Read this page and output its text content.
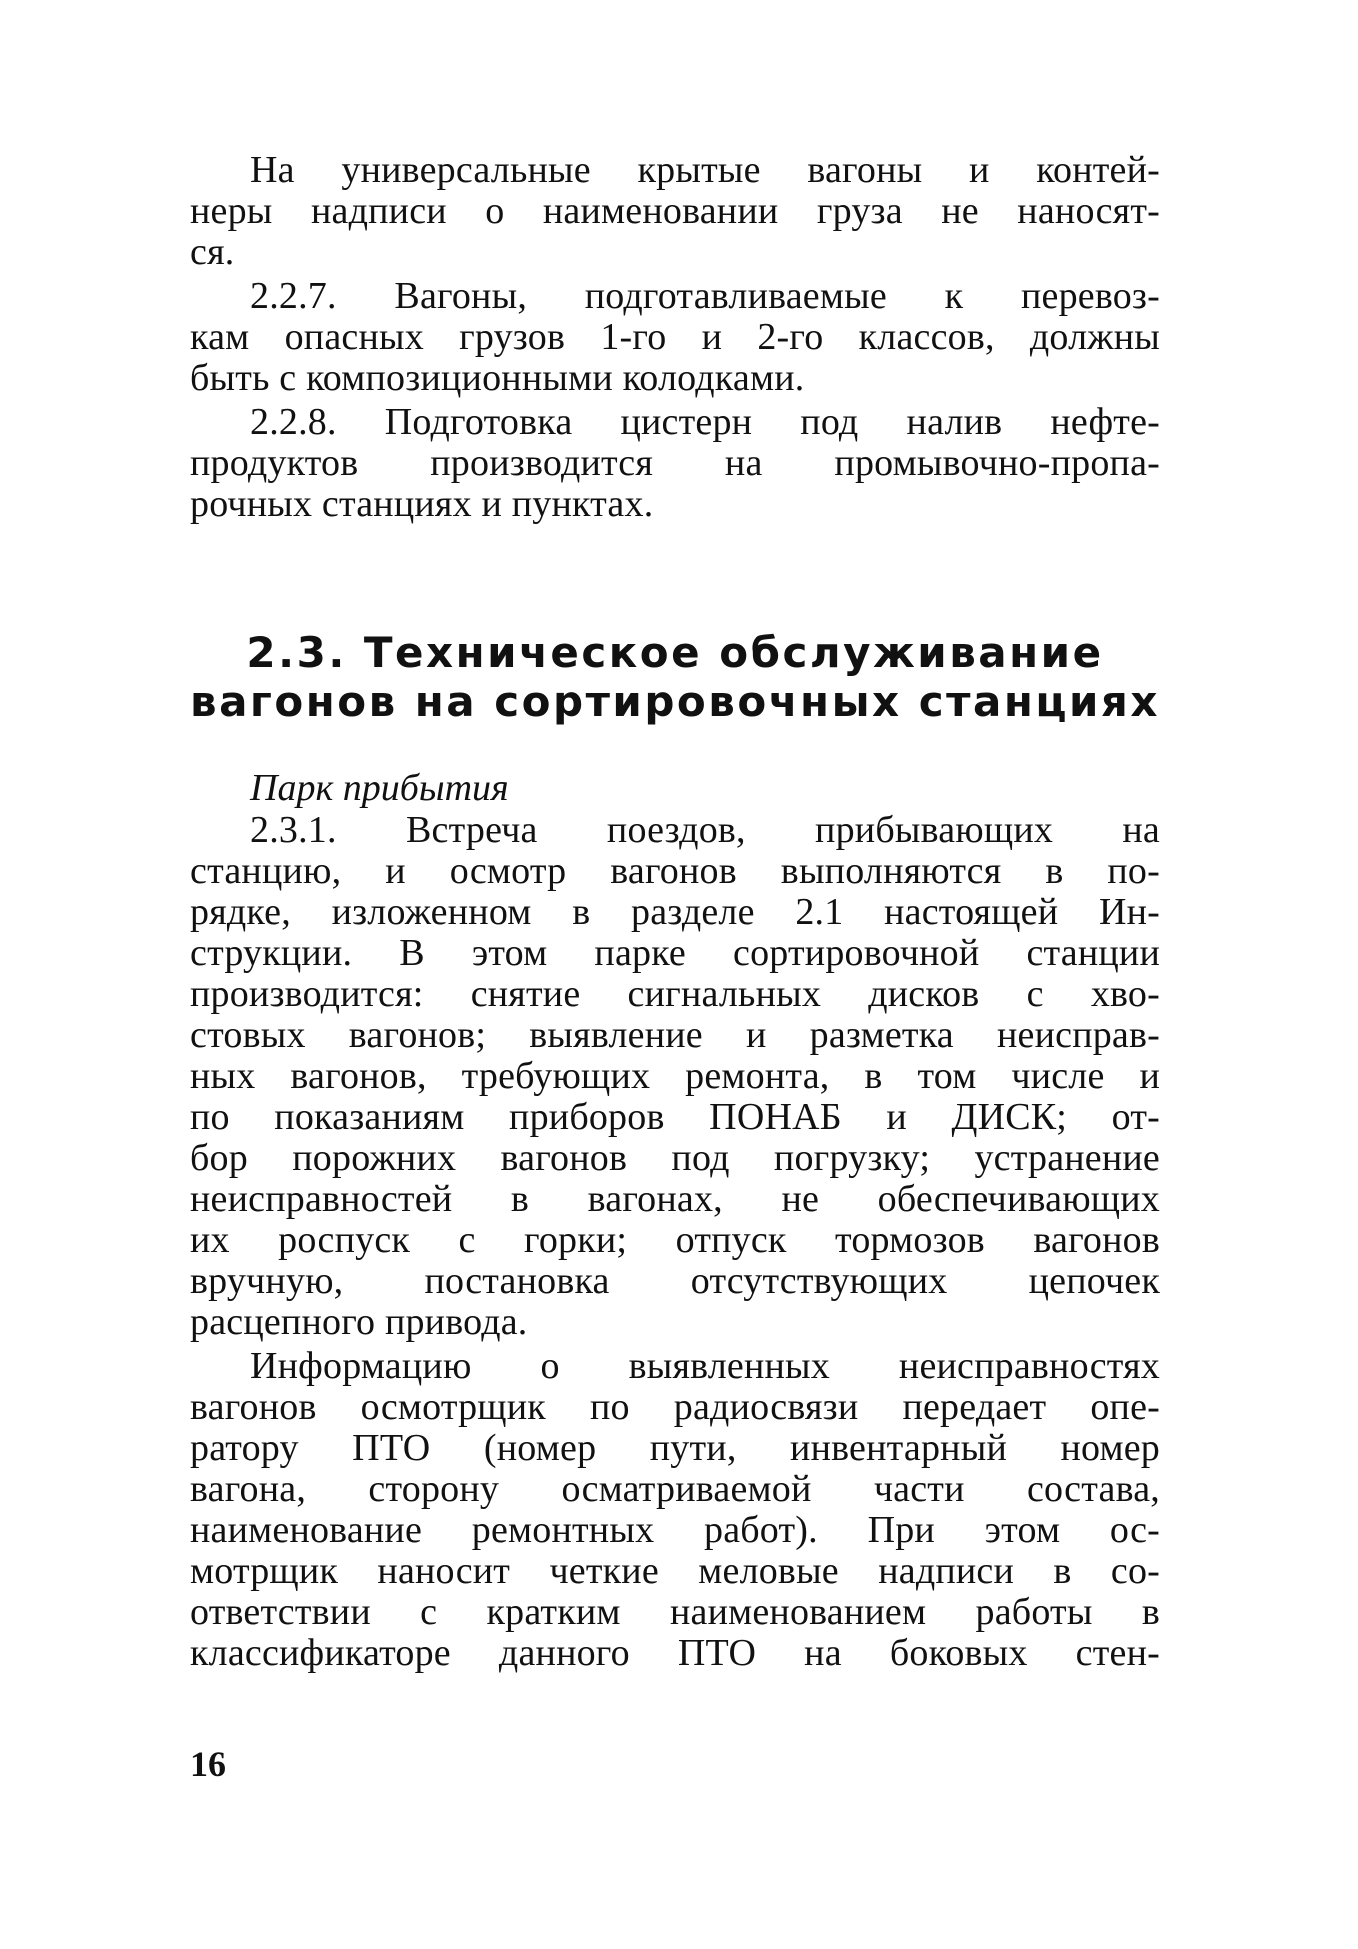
На универсальные крытые вагоны и контей-
неры надписи о наименовании груза не наносят-
ся.
2.2.7. Вагоны, подготавливаемые к перевоз-
кам опасных грузов 1-го и 2-го классов, должны
быть с композиционными колодками.
2.2.8. Подготовка цистерн под налив нефте-
продуктов производится на промывочно-пропа-
рочных станциях и пунктах.
2.3. Техническое обслуживание
вагонов на сортировочных станциях
Парк прибытия
2.3.1. Встреча поездов, прибывающих на
станцию, и осмотр вагонов выполняются в по-
рядке, изложенном в разделе 2.1 настоящей Ин-
струкции. В этом парке сортировочной станции
производится: снятие сигнальных дисков с хво-
стовых вагонов; выявление и разметка неисправ-
ных вагонов, требующих ремонта, в том числе и
по показаниям приборов ПОНАБ и ДИСК; от-
бор порожних вагонов под погрузку; устранение
неисправностей в вагонах, не обеспечивающих
их роспуск с горки; отпуск тормозов вагонов
вручную, постановка отсутствующих цепочек
расцепного привода.
Информацию о выявленных неисправностях
вагонов осмотрщик по радиосвязи передает опе-
ратору ПТО (номер пути, инвентарный номер
вагона, сторону осматриваемой части состава,
наименование ремонтных работ). При этом ос-
мотрщик наносит четкие меловые надписи в со-
ответствии с кратким наименованием работы в
классификаторе данного ПТО на боковых стен-
16
